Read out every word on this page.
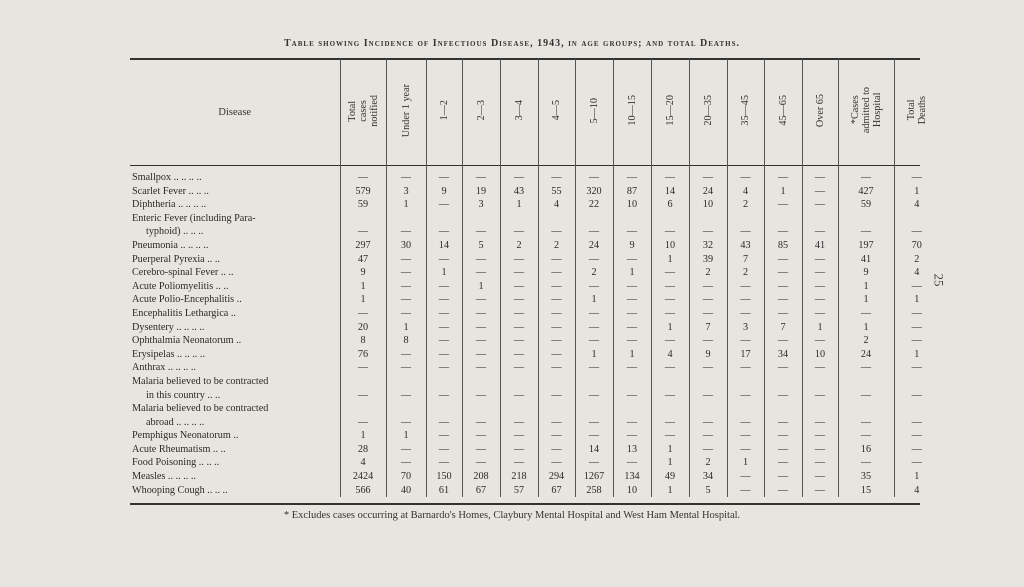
Table showing Incidence of Infectious Disease, 1943, in age groups; and total Deaths.
25
Disease	Total
cases
notified	Under 1 year	1—2	2—3	3—4	4—5	5—10	10—15	15—20	20—35	35—45	45—65	Over 65	*Cases
admitted to
Hospital	Total
Deaths
Smallpox .. .. .. ..	—	—	—	—	—	—	—	—	—	—	—	—	—	—	—
Scarlet Fever .. .. ..	579	3	9	19	43	55	320	87	14	24	4	1	—	427	1
Diphtheria .. .. .. ..	59	1	—	3	1	4	22	10	6	10	2	—	—	59	4
Enteric Fever (including Para-
typhoid) .. .. ..	—	—	—	—	—	—	—	—	—	—	—	—	—	—	—
Pneumonia .. .. .. ..	297	30	14	5	2	2	24	9	10	32	43	85	41	197	70
Puerperal Pyrexia .. ..	47	—	—	—	—	—	—	—	1	39	7	—	—	41	2
Cerebro-spinal Fever .. ..	9	—	1	—	—	—	2	1	—	2	2	—	—	9	4
Acute Poliomyelitis .. ..	1	—	—	1	—	—	—	—	—	—	—	—	—	1	—
Acute Polio-Encephalitis ..	1	—	—	—	—	—	1	—	—	—	—	—	—	1	1
Encephalitis Lethargica ..	—	—	—	—	—	—	—	—	—	—	—	—	—	—	—
Dysentery .. .. .. ..	20	1	—	—	—	—	—	—	1	7	3	7	1	1	—
Ophthalmia Neonatorum ..	8	8	—	—	—	—	—	—	—	—	—	—	—	2	—
Erysipelas .. .. .. ..	76	—	—	—	—	—	1	1	4	9	17	34	10	24	1
Anthrax .. .. .. ..	—	—	—	—	—	—	—	—	—	—	—	—	—	—	—
Malaria believed to be contracted
in this country .. ..	—	—	—	—	—	—	—	—	—	—	—	—	—	—	—
Malaria believed to be contracted
abroad .. .. .. ..	—	—	—	—	—	—	—	—	—	—	—	—	—	—	—
Pemphigus Neonatorum ..	1	1	—	—	—	—	—	—	—	—	—	—	—	—	—
Acute Rheumatism .. ..	28	—	—	—	—	—	14	13	1	—	—	—	—	16	—
Food Poisoning .. .. ..	4	—	—	—	—	—	—	—	1	2	1	—	—	—	—
Measles .. .. .. ..	2424	70	150	208	218	294	1267	134	49	34	—	—	—	35	1
Whooping Cough .. .. ..	566	40	61	67	57	67	258	10	1	5	—	—	—	15	4
* Excludes cases occurring at Barnardo's Homes, Claybury Mental Hospital and West Ham Mental Hospital.
